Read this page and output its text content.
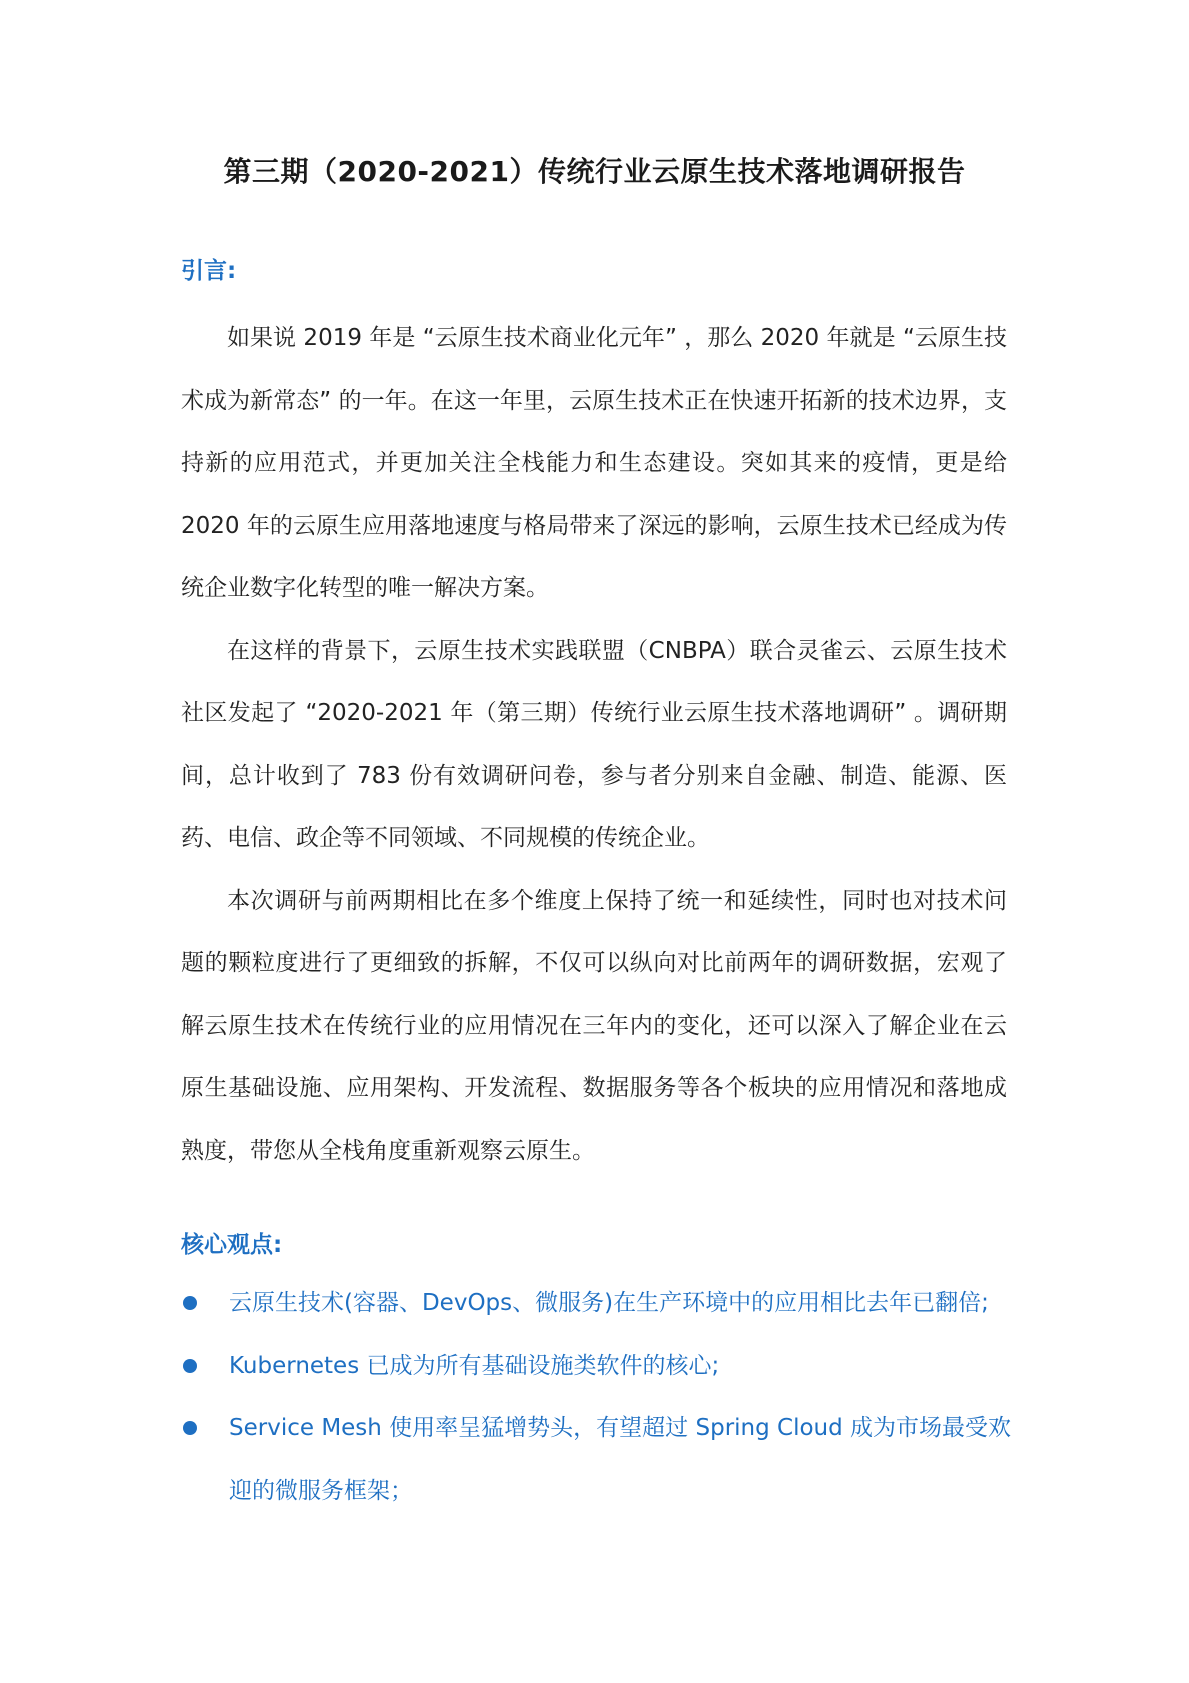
第三期（2020-2021）传统行业云原生技术落地调研报告
引言:

如果说 2019 年是 “云原生技术商业化元年” ，那么 2020 年就是 “云原生技术成为新常态” 的一年。在这一年里，云原生技术正在快速开拓新的技术边界，支持新的应用范式，并更加关注全栈能力和生态建设。突如其来的疫情，更是给 2020 年的云原生应用落地速度与格局带来了深远的影响，云原生技术已经成为传统企业数字化转型的唯一解决方案。

在这样的背景下，云原生技术实践联盟（CNBPA）联合灵雀云、云原生技术社区发起了 “2020-2021 年（第三期）传统行业云原生技术落地调研” 。调研期间，总计收到了 783 份有效调研问卷，参与者分别来自金融、制造、能源、医药、电信、政企等不同领域、不同规模的传统企业。

本次调研与前两期相比在多个维度上保持了统一和延续性，同时也对技术问题的颗粒度进行了更细致的拆解，不仅可以纵向对比前两年的调研数据，宏观了解云原生技术在传统行业的应用情况在三年内的变化，还可以深入了解企业在云原生基础设施、应用架构、开发流程、数据服务等各个板块的应用情况和落地成熟度，带您从全栈角度重新观察云原生。

核心观点:
云原生技术(容器、DevOps、微服务)在生产环境中的应用相比去年已翻倍;
Kubernetes 已成为所有基础设施类软件的核心;
Service Mesh 使用率呈猛增势头，有望超过 Spring Cloud 成为市场最受欢迎的微服务框架；
